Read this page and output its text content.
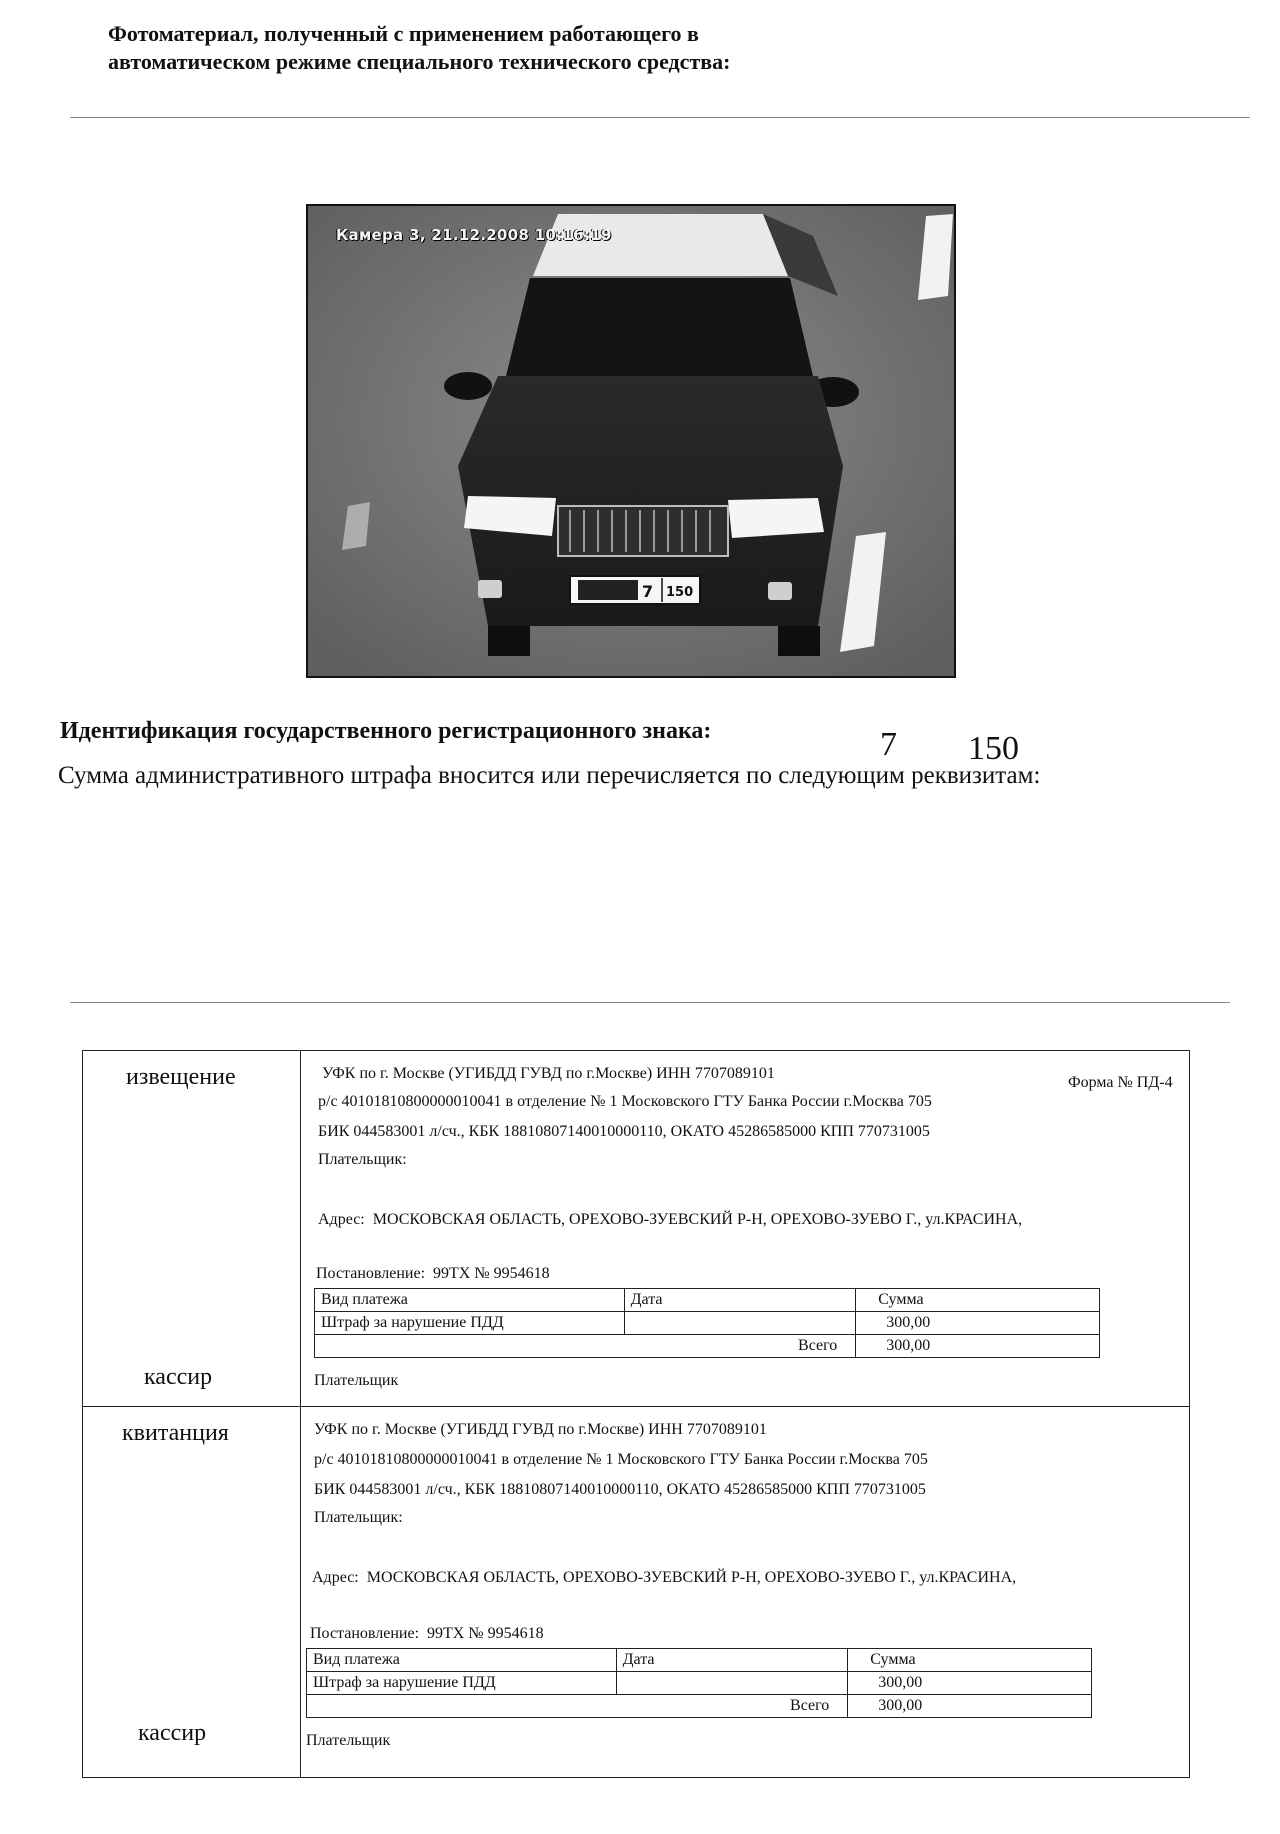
Фотоматериал, полученный с применением работающего в
автоматическом режиме специального технического средства:
7 150
Камера 3, 21.12.2008 10:16:19
Идентификация государственного регистрационного знака:	7 150
Сумма административного штрафа вносится или перечисляется по следующим реквизитам:
Форма № ПД-4
извещение
кассир
УФК по г. Москве (УГИБДД ГУВД по г.Москве) ИНН 7707089101
р/с 40101810800000010041 в отделение № 1 Московского ГТУ Банка России г.Москва 705
БИК 044583001 л/сч., КБК 18810807140010000110, ОКАТО 45286585000 КПП 770731005
Плательщик:
Адрес: МОСКОВСКАЯ ОБЛАСТЬ, ОРЕХОВО-ЗУЕВСКИЙ Р-Н, ОРЕХОВО-ЗУЕВО Г., ул.КРАСИНА,
Постановление: 99ТХ № 9954618
Вид платежа	Дата	Сумма
Штраф за нарушение ПДД		300,00
Всего		300,00
Плательщик
квитанция
кассир
УФК по г. Москве (УГИБДД ГУВД по г.Москве) ИНН 7707089101
р/с 40101810800000010041 в отделение № 1 Московского ГТУ Банка России г.Москва 705
БИК 044583001 л/сч., КБК 18810807140010000110, ОКАТО 45286585000 КПП 770731005
Плательщик:
Адрес: МОСКОВСКАЯ ОБЛАСТЬ, ОРЕХОВО-ЗУЕВСКИЙ Р-Н, ОРЕХОВО-ЗУЕВО Г., ул.КРАСИНА,
Постановление: 99ТХ № 9954618
Вид платежа	Дата	Сумма
Штраф за нарушение ПДД		300,00
Всего		300,00
Плательщик
